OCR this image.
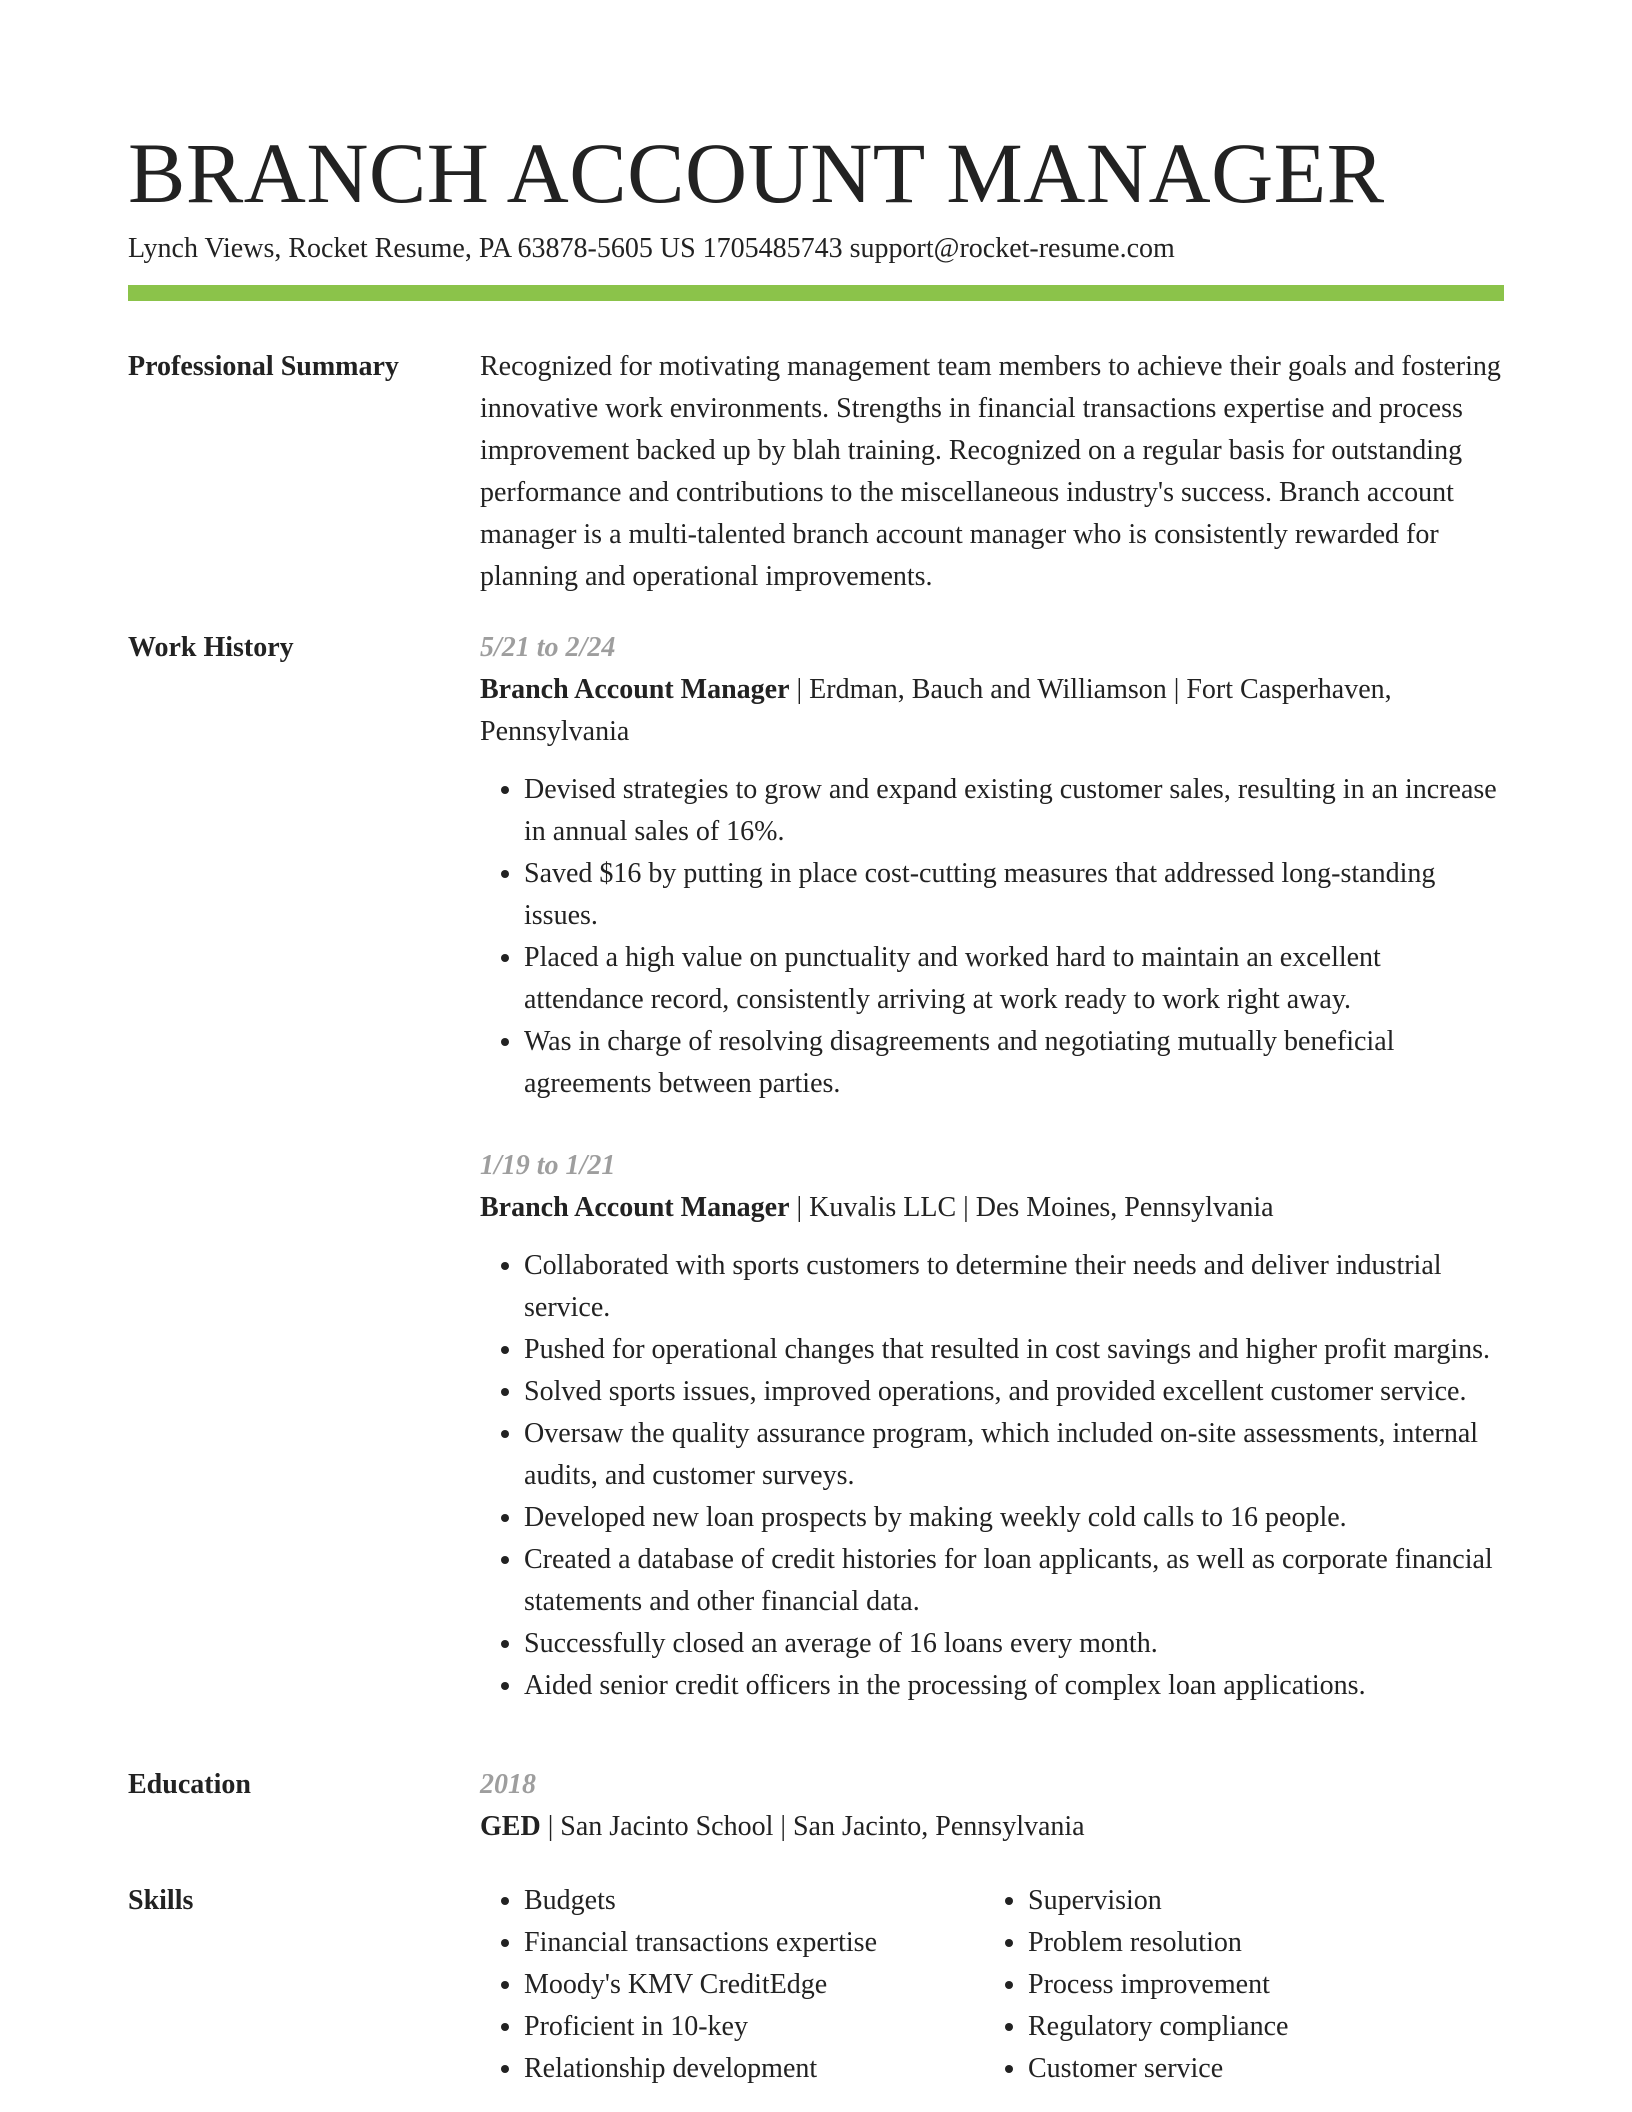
BRANCH ACCOUNT MANAGER
Lynch Views, Rocket Resume, PA 63878-5605 US 1705485743 support@rocket-resume.com
Professional Summary	Recognized for motivating management team members to achieve their goals and fostering innovative work environments. Strengths in financial transactions expertise and process improvement backed up by blah training. Recognized on a regular basis for outstanding performance and contributions to the miscellaneous industry's success. Branch account manager is a multi-talented branch account manager who is consistently rewarded for planning and operational improvements.

Work History	5/21 to 2/24
Branch Account Manager | Erdman, Bauch and Williamson | Fort Casperhaven, Pennsylvania
• Devised strategies to grow and expand existing customer sales, resulting in an increase in annual sales of 16%.
• Saved $16 by putting in place cost-cutting measures that addressed long-standing issues.
• Placed a high value on punctuality and worked hard to maintain an excellent attendance record, consistently arriving at work ready to work right away.
• Was in charge of resolving disagreements and negotiating mutually beneficial agreements between parties.
1/19 to 1/21
Branch Account Manager | Kuvalis LLC | Des Moines, Pennsylvania
• Collaborated with sports customers to determine their needs and deliver industrial service.
• Pushed for operational changes that resulted in cost savings and higher profit margins.
• Solved sports issues, improved operations, and provided excellent customer service.
• Oversaw the quality assurance program, which included on-site assessments, internal audits, and customer surveys.
• Developed new loan prospects by making weekly cold calls to 16 people.
• Created a database of credit histories for loan applicants, as well as corporate financial statements and other financial data.
• Successfully closed an average of 16 loans every month.
• Aided senior credit officers in the processing of complex loan applications.
Education	2018
GED | San Jacinto School | San Jacinto, Pennsylvania
Skills
•	Budgets
• Financial transactions expertise
• Moody's KMV CreditEdge
• Proficient in 10-key
• Relationship development
• Supervision
• Problem resolution
• Process improvement
• Regulatory compliance
• Customer service
